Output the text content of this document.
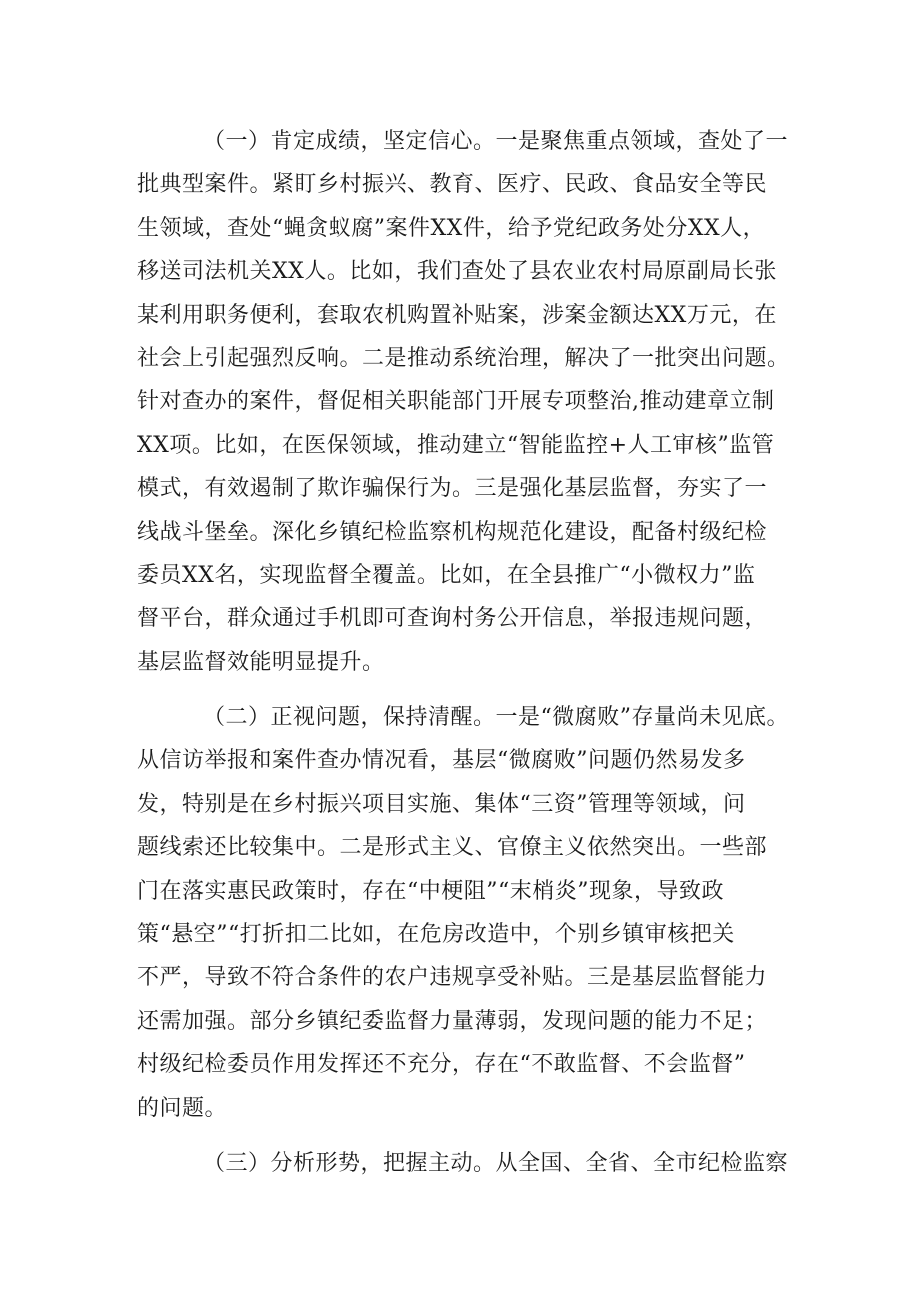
（一）肯定成绩，坚定信心。一是聚焦重点领域，查处了一
批典型案件。紧盯乡村振兴、教育、医疗、民政、食品安全等民
生领域，查处“蝇贪蚁腐”案件XX件，给予党纪政务处分XX人，
移送司法机关XX人。比如，我们查处了县农业农村局原副局长张
某利用职务便利，套取农机购置补贴案，涉案金额达XX万元，在
社会上引起强烈反响。二是推动系统治理，解决了一批突出问题。
针对查办的案件，督促相关职能部门开展专项整治,推动建章立制
XX项。比如，在医保领域，推动建立“智能监控+人工审核”监管
模式，有效遏制了欺诈骗保行为。三是强化基层监督，夯实了一
线战斗堡垒。深化乡镇纪检监察机构规范化建设，配备村级纪检
委员XX名，实现监督全覆盖。比如，在全县推广“小微权力”监
督平台，群众通过手机即可查询村务公开信息，举报违规问题，
基层监督效能明显提升。
（二）正视问题，保持清醒。一是“微腐败”存量尚未见底。
从信访举报和案件查办情况看，基层“微腐败”问题仍然易发多
发，特别是在乡村振兴项目实施、集体“三资”管理等领域，问
题线索还比较集中。二是形式主义、官僚主义依然突出。一些部
门在落实惠民政策时，存在“中梗阻”“末梢炎”现象，导致政
策“悬空”“打折扣二比如，在危房改造中，个别乡镇审核把关
不严，导致不符合条件的农户违规享受补贴。三是基层监督能力
还需加强。部分乡镇纪委监督力量薄弱，发现问题的能力不足；
村级纪检委员作用发挥还不充分，存在“不敢监督、不会监督”
的问题。
（三）分析形势，把握主动。从全国、全省、全市纪检监察
